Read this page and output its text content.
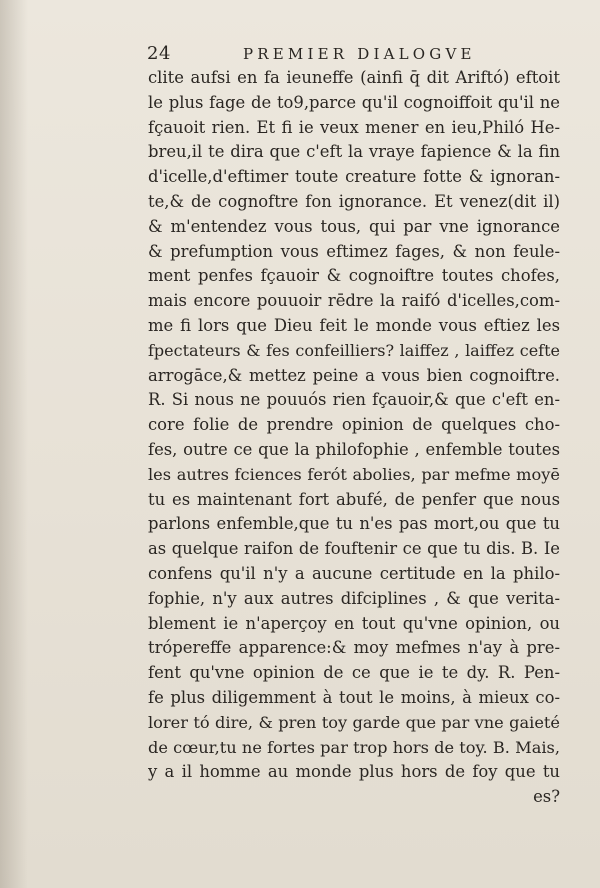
24	PREMIER DIALOGVE
clite aufsi en fa ieuneffe (ainfi q̄ dit Ariftó) eftoit
le plus fage de to9,parce qu'il cognoiffoit qu'il ne
fçauoit rien. Et fi ie veux mener en ieu,Philó He-
breu,il te dira que c'eft la vraye fapience & la fin
d'icelle,d'eftimer toute creature fotte & ignoran-
te,& de cognoftre fon ignorance. Et venez(dit il)
& m'entendez vous tous, qui par vne ignorance
& prefumption vous eftimez fages, & non feule-
ment penfes fçauoir & cognoiftre toutes chofes,
mais encore pouuoir rēdre la raifó d'icelles,com-
me fi lors que Dieu feit le monde vous eftiez les
fpectateurs & fes confeilliers? laiffez , laiffez cefte
arrogāce,& mettez peine a vous bien cognoiftre.
R. Si nous ne pouuós rien fçauoir,& que c'eft en-
core folie de prendre opinion de quelques cho-
fes, outre ce que la philofophie , enfemble toutes
les autres fciences ferót abolies, par mefme moyē
tu es maintenant fort abufé, de penfer que nous
parlons enfemble,que tu n'es pas mort,ou que tu
as quelque raifon de fouftenir ce que tu dis. B. Ie
confens qu'il n'y a aucune certitude en la philo-
fophie, n'y aux autres difciplines , & que verita-
blement ie n'aperçoy en tout qu'vne opinion, ou
trópereffe apparence:& moy mefmes n'ay à pre-
fent qu'vne opinion de ce que ie te dy. R. Pen-
fe plus diligemment à tout le moins, à mieux co-
lorer tó dire, & pren toy garde que par vne gaieté
de cœur,tu ne fortes par trop hors de toy. B. Mais,
y a il homme au monde plus hors de foy que tu
es?
